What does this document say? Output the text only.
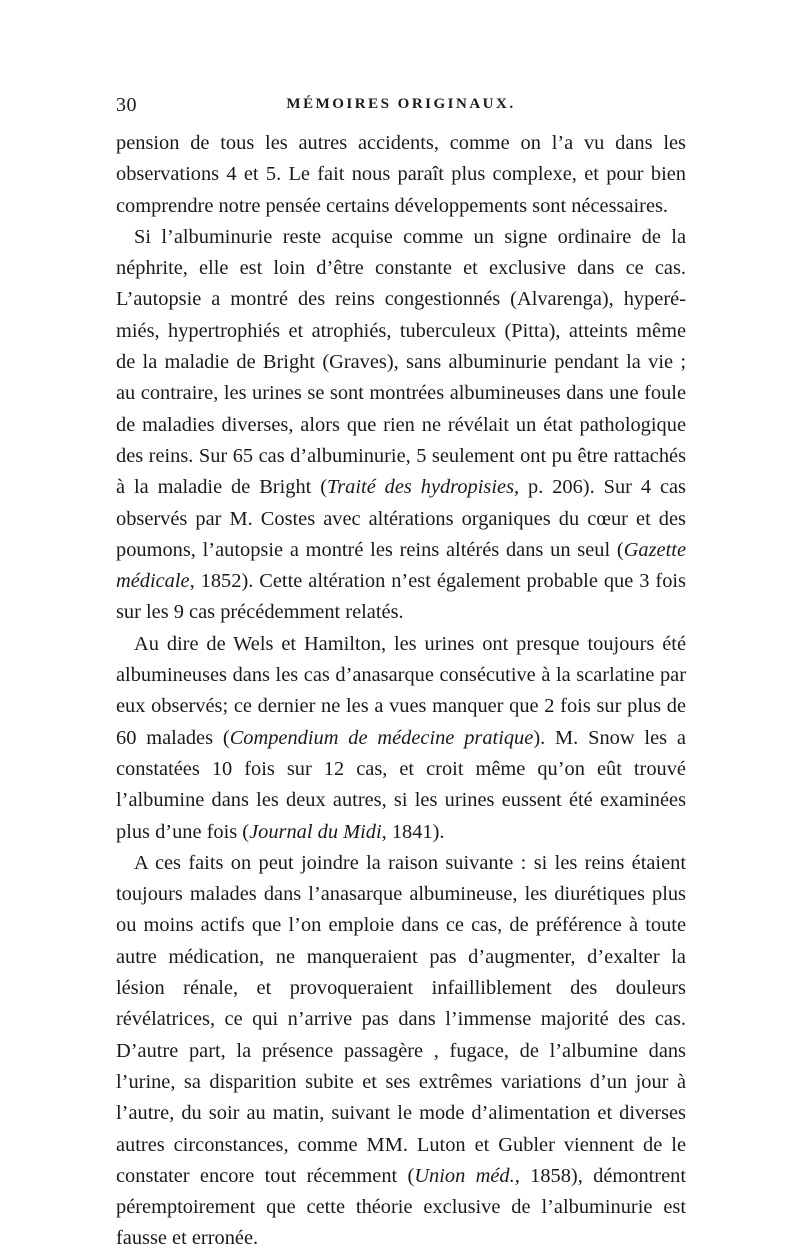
30	MÉMOIRES ORIGINAUX.

pension de tous les autres accidents, comme on l’a vu dans les observations 4 et 5. Le fait nous paraît plus complexe, et pour bien comprendre notre pensée certains développements sont nécessaires.

Si l’albuminurie reste acquise comme un signe ordinaire de la néphrite, elle est loin d’être constante et exclusive dans ce cas. L’autopsie a montré des reins congestionnés (Alvarenga), hyperémiés, hypertrophiés et atrophiés, tuberculeux (Pitta), atteints même de la maladie de Bright (Graves), sans albuminurie pendant la vie ; au contraire, les urines se sont montrées albumineuses dans une foule de maladies diverses, alors que rien ne révélait un état pathologique des reins. Sur 65 cas d’albuminurie, 5 seulement ont pu être rattachés à la maladie de Bright (Traité des hydropisies, p. 206). Sur 4 cas observés par M. Costes avec altérations organiques du cœur et des poumons, l’autopsie a montré les reins altérés dans un seul (Gazette médicale, 1852). Cette altération n’est également probable que 3 fois sur les 9 cas précédemment relatés.

Au dire de Wels et Hamilton, les urines ont presque toujours été albumineuses dans les cas d’anasarque consécutive à la scarlatine par eux observés; ce dernier ne les a vues manquer que 2 fois sur plus de 60 malades (Compendium de médecine pratique). M. Snow les a constatées 10 fois sur 12 cas, et croit même qu’on eût trouvé l’albumine dans les deux autres, si les urines eussent été examinées plus d’une fois (Journal du Midi, 1841).

A ces faits on peut joindre la raison suivante : si les reins étaient toujours malades dans l’anasarque albumineuse, les diurétiques plus ou moins actifs que l’on emploie dans ce cas, de préférence à toute autre médication, ne manqueraient pas d’augmenter, d’exalter la lésion rénale, et provoqueraient infailliblement des douleurs révélatrices, ce qui n’arrive pas dans l’immense majorité des cas. D’autre part, la présence passagère , fugace, de l’albumine dans l’urine, sa disparition subite et ses extrêmes variations d’un jour à l’autre, du soir au matin, suivant le mode d’alimentation et diverses autres circonstances, comme MM. Luton et Gubler viennent de le constater encore tout récemment (Union méd., 1858), démontrent péremptoirement que cette théorie exclusive de l’albuminurie est fausse et erronée.
